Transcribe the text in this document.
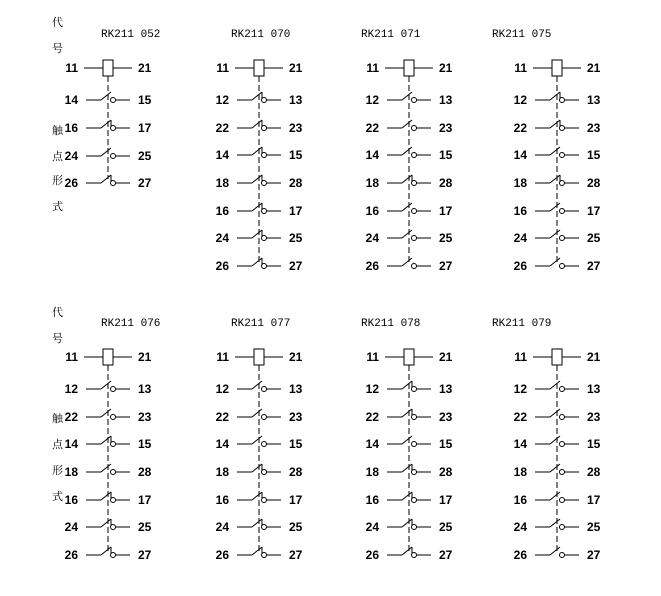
代
号
触
点
形
式
代
号
触
点
形
式
RK211 052	RK211 070	RK211 071	RK211 075
RK211 076	RK211 077	RK211 078	RK211 079
11	21
14	15
16	17
24	25
26	27
11	21
12	13
22	23
14	15
18	28
16	17
24	25
26	27
11	21
12	13
22	23
14	15
18	28
16	17
24	25
26	27
11	21
12	13
22	23
14	15
18	28
16	17
24	25
26	27
11	21
12	13
22	23
14	15
18	28
16	17
24	25
26	27
11	21
12	13
22	23
14	15
18	28
16	17
24	25
26	27
11	21
12	13
22	23
14	15
18	28
16	17
24	25
26	27
11	21
12	13
22	23
14	15
18	28
16	17
24	25
26	27
